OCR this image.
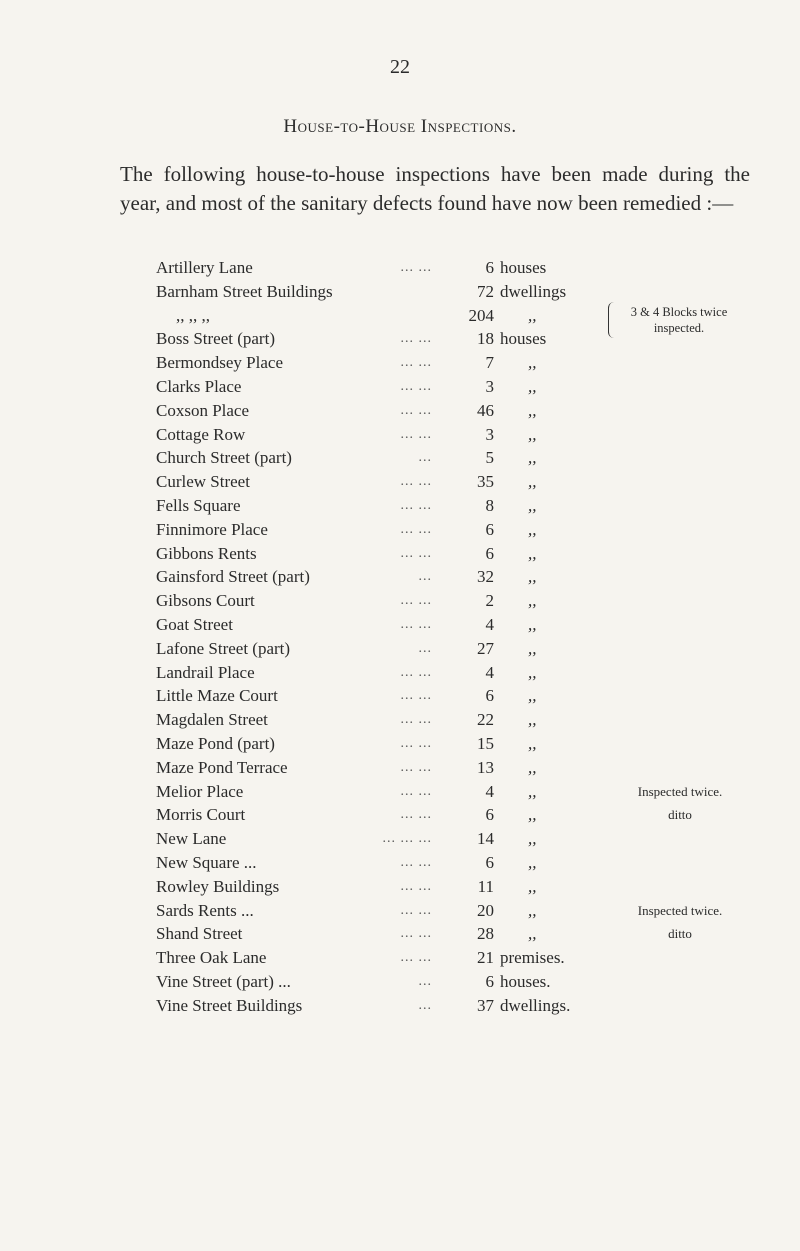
22
House-to-House Inspections.
The following house-to-house inspections have been made during the year, and most of the sanitary defects found have now been remedied :—
3 & 4 Blocks twice inspected.
Artillery Lane	... ...	6 houses
Barnham Street Buildings	72 dwellings
,, ,, ,,	204 ,,
Boss Street (part)	... ...	18 houses
Bermondsey Place	... ...	7 ,,
Clarks Place	... ...	3 ,,
Coxson Place	... ...	46 ,,
Cottage Row	... ...	3 ,,
Church Street (part)	...	5 ,,
Curlew Street	... ...	35 ,,
Fells Square	... ...	8 ,,
Finnimore Place	... ...	6 ,,
Gibbons Rents	... ...	6 ,,
Gainsford Street (part)	...	32 ,,
Gibsons Court	... ...	2 ,,
Goat Street	... ...	4 ,,
Lafone Street (part)	...	27 ,,
Landrail Place	... ...	4 ,,
Little Maze Court	... ...	6 ,,
Magdalen Street	... ...	22 ,,
Maze Pond (part)	... ...	15 ,,
Maze Pond Terrace	... ...	13 ,,
Melior Place	... ...	4 ,,	Inspected twice.
Morris Court	... ...	6 ,,	ditto
New Lane	... ... ...	14 ,,
New Square ...	... ...	6 ,,
Rowley Buildings	... ...	11 ,,
Sards Rents ...	... ...	20 ,,	Inspected twice.
Shand Street	... ...	28 ,,	ditto
Three Oak Lane	... ...	21 premises.
Vine Street (part) ...	...	6 houses.
Vine Street Buildings	...	37 dwellings.
